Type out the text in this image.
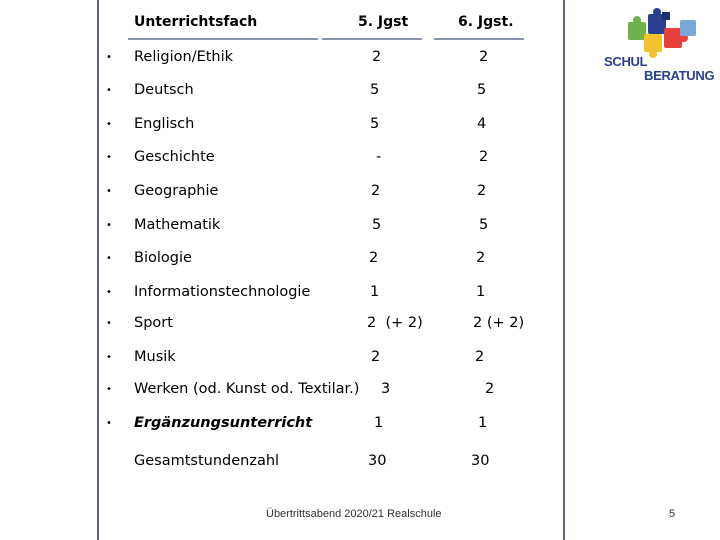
Unterrichtsfach	5. Jgst	6. Jgst.
• Religion/Ethik	2	2
• Deutsch	5	5
• Englisch	5	4
• Geschichte	-	2
• Geographie	2	2
• Mathematik	5	5
• Biologie	2	2
• Informationstechnologie	1	1
• Sport	2  (+ 2)	2 (+ 2)
• Musik	2	2
• Werken (od. Kunst od. Textilar.) 3	2
• Ergänzungsunterricht	1	1
Gesamtstundenzahl	30	30
SCHUL
BERATUNG
Übertrittsabend 2020/21 Realschule	5
